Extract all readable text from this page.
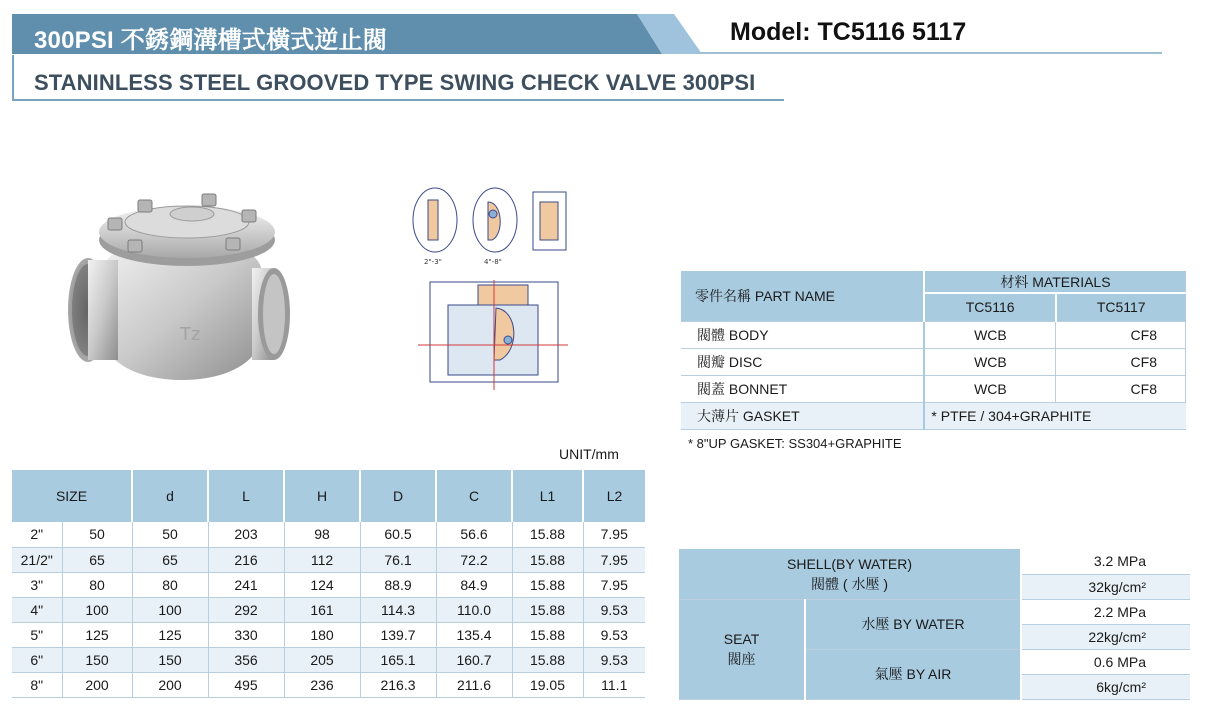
300PSI 不銹鋼溝槽式橫式逆止閥	Model: TC5116 5117
STANINLESS STEEL GROOVED TYPE SWING CHECK VALVE 300PSI
Tz
2"-3"	4"-8"
零件名稱 PART NAME	材料 MATERIALS	
	TC5116	TC5117
閥體 BODY	WCB	CF8
閥瓣 DISC	WCB	CF8
閥蓋 BONNET	WCB	CF8
大薄片 GASKET	* PTFE / 304+GRAPHITE	
* 8"UP GASKET: SS304+GRAPHITE
UNIT/mm
SIZE		d	L	H	D	C	L1	L2
2"	50	50	203	98	60.5	56.6	15.88	7.95
21/2"	65	65	216	112	76.1	72.2	15.88	7.95
3"	80	80	241	124	88.9	84.9	15.88	7.95
4"	100	100	292	161	114.3	110.0	15.88	9.53
5"	125	125	330	180	139.7	135.4	15.88	9.53
6"	150	150	356	205	165.1	160.7	15.88	9.53
8"	200	200	495	236	216.3	211.6	19.05	11.1
SHELL(BY WATER)
閥體 ( 水壓 )		3.2 MPa
		32kg/cm²

SEAT
閥座	水壓 BY WATER	2.2 MPa
		22kg/cm²
	氣壓 BY AIR	0.6 MPa
		6kg/cm²
